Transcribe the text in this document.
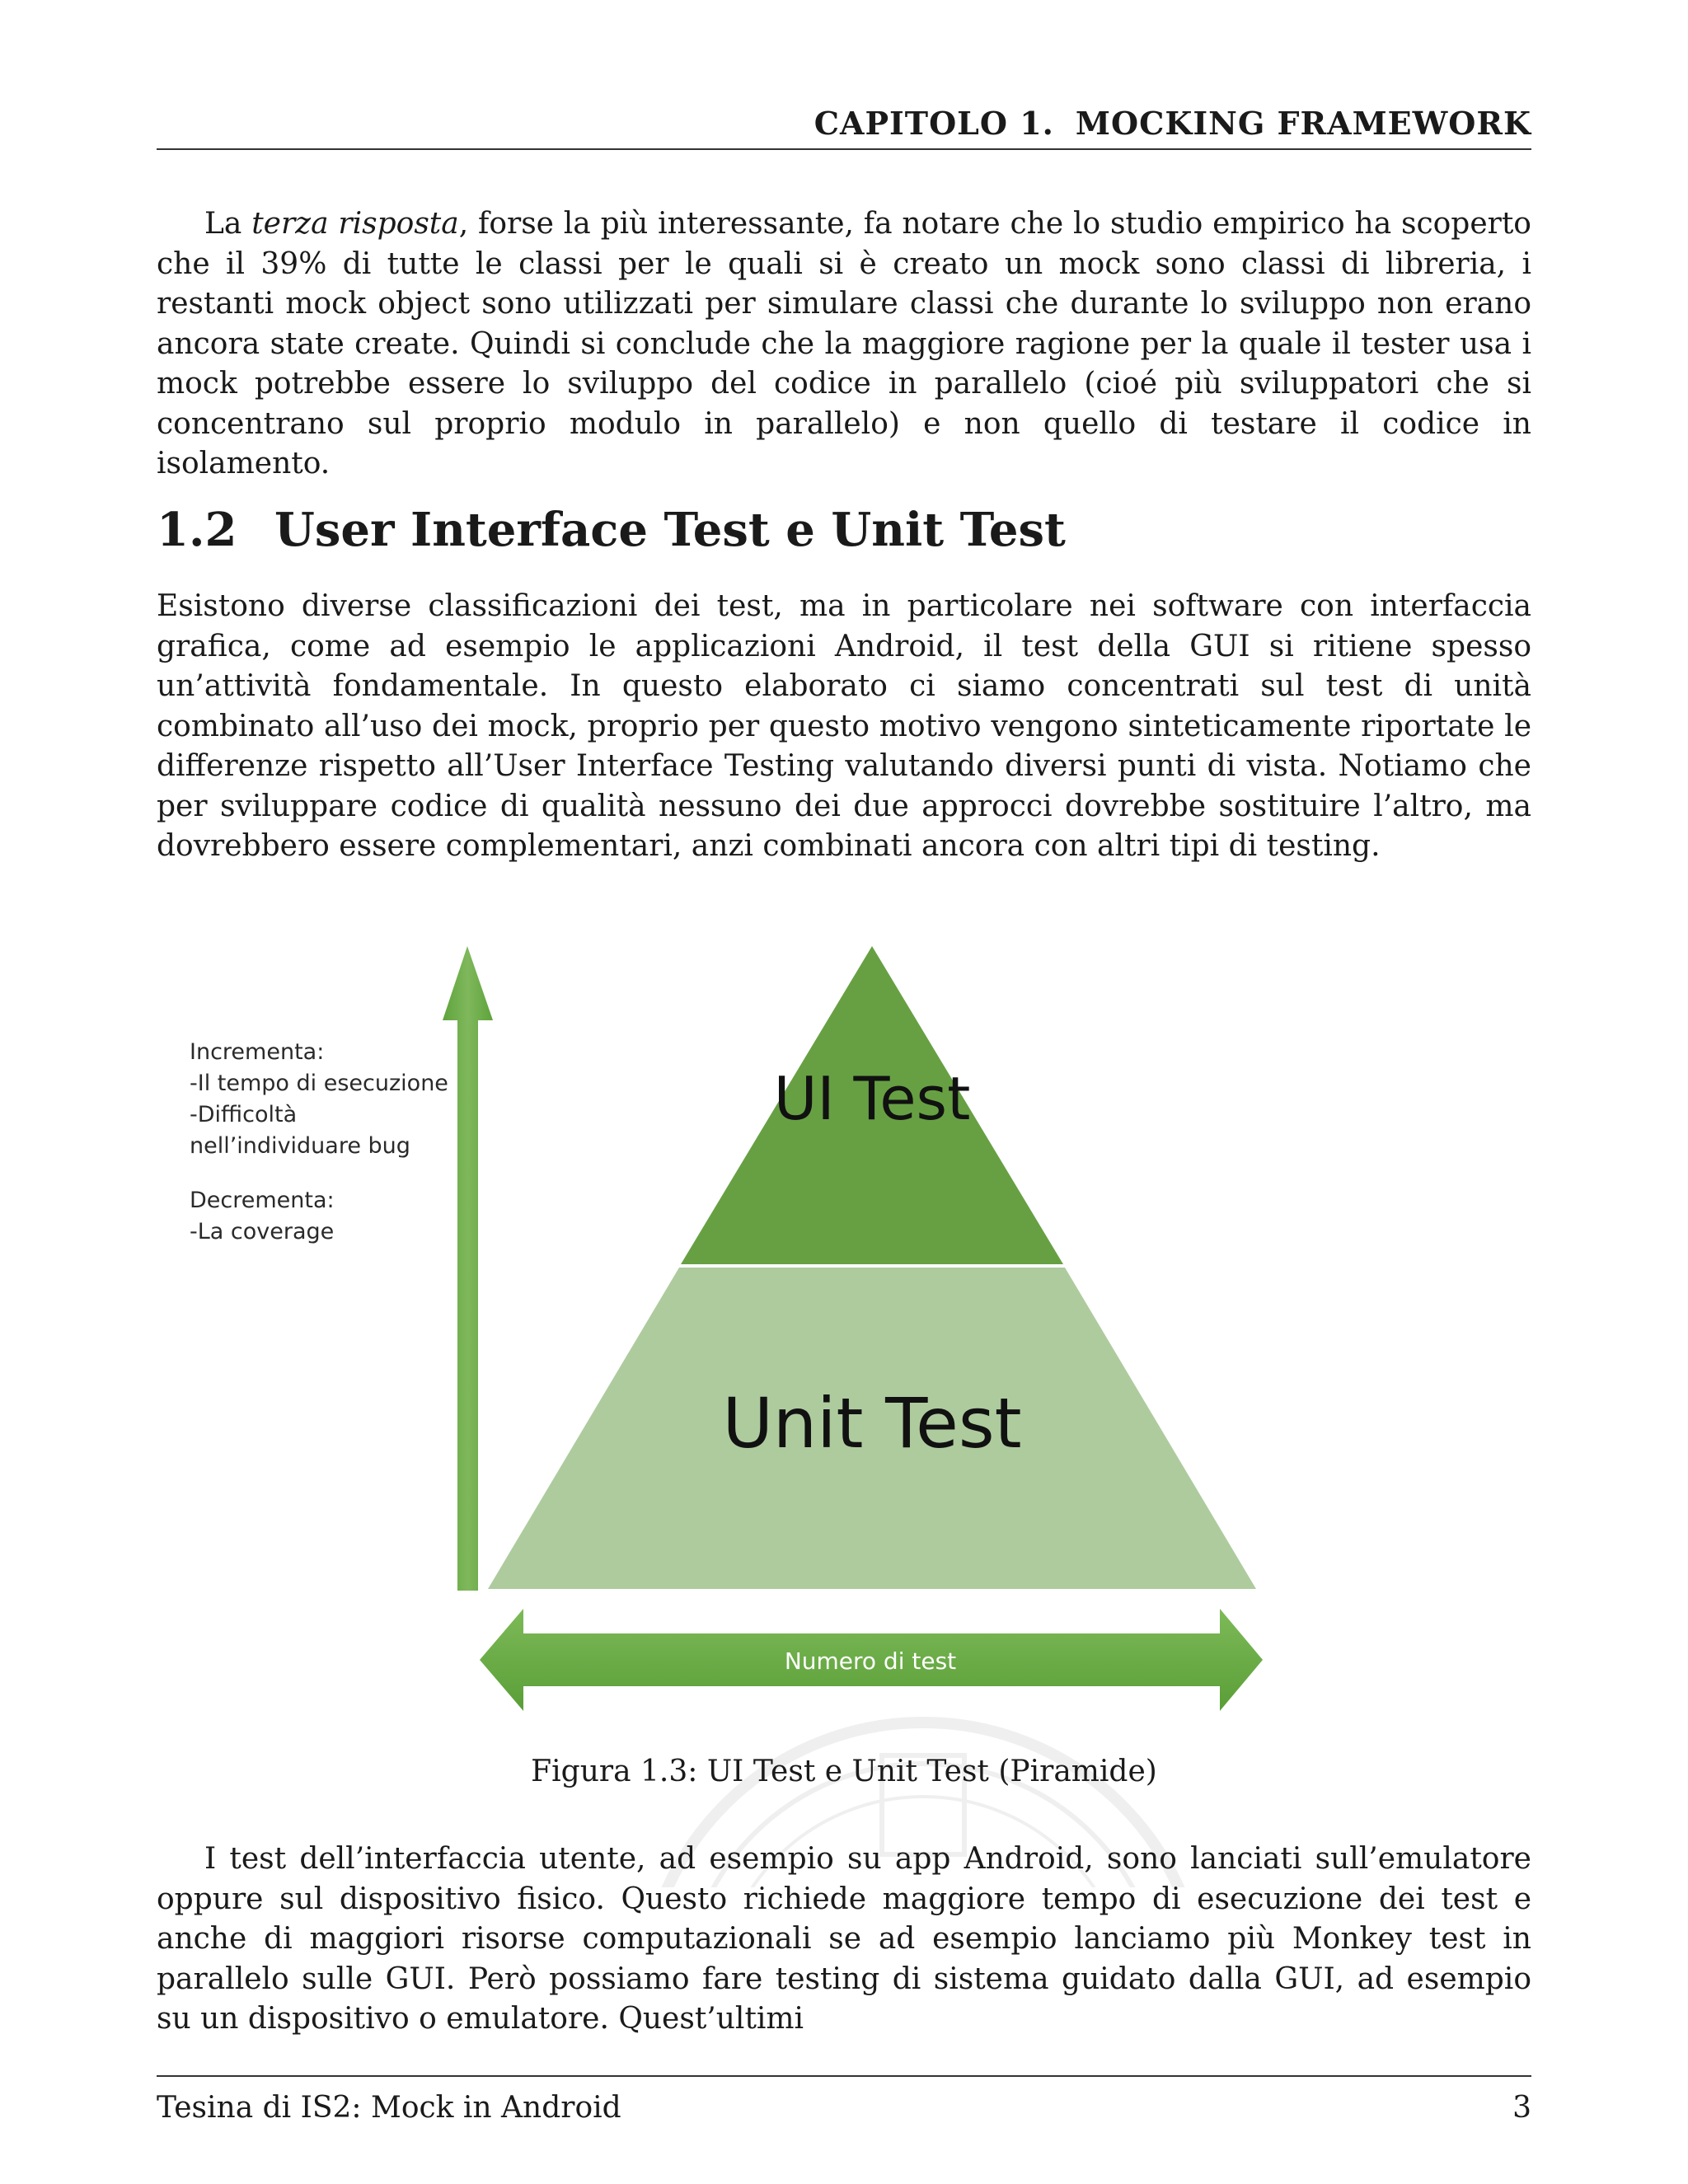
CAPITOLO 1. MOCKING FRAMEWORK

La terza risposta, forse la più interessante, fa notare che lo studio empirico ha scoperto che il 39% di tutte le classi per le quali si è creato un mock sono classi di libreria, i restanti mock object sono utilizzati per simulare classi che durante lo sviluppo non erano ancora state create. Quindi si conclude che la maggiore ragione per la quale il tester usa i mock potrebbe essere lo sviluppo del codice in parallelo (cioé più sviluppatori che si concentrano sul proprio modulo in parallelo) e non quello di testare il codice in isolamento.

1.2 User Interface Test e Unit Test

Esistono diverse classificazioni dei test, ma in particolare nei software con interfaccia grafica, come ad esempio le applicazioni Android, il test della GUI si ritiene spesso un’attività fondamentale. In questo elaborato ci siamo concentrati sul test di unità combinato all’uso dei mock, proprio per questo motivo vengono sinteticamente riportate le differenze rispetto all’User Interface Testing valutando diversi punti di vista. Notiamo che per sviluppare codice di qualità nessuno dei due approcci dovrebbe sostituire l’altro, ma dovrebbero essere complementari, anzi combinati ancora con altri tipi di testing.

UI Test
Unit Test
Numero di test
Incrementa:
-Il tempo di esecuzione
-Difficoltà
nell’individuare bug
Decrementa:
-La coverage
Figura 1.3: UI Test e Unit Test (Piramide)

I test dell’interfaccia utente, ad esempio su app Android, sono lanciati sull’emulatore oppure sul dispositivo fisico. Questo richiede maggiore tempo di esecuzione dei test e anche di maggiori risorse computazionali se ad esempio lanciamo più Monkey test in parallelo sulle GUI. Però possiamo fare testing di sistema guidato dalla GUI, ad esempio su un dispositivo o emulatore. Quest’ultimi

Tesina di IS2: Mock in Android	3
